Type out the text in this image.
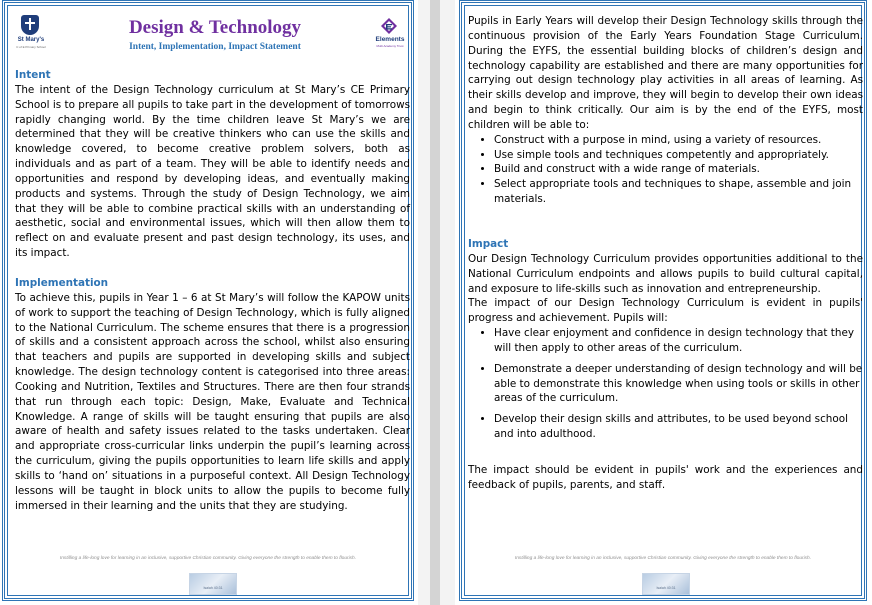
St Mary's
C of E Primary School
Design & Technology
Intent, Implementation, Impact Statement
Elements
Multi Academy Trust

Intent

The intent of the Design Technology curriculum at St Mary’s CE Primary School is to prepare all pupils to take part in the development of tomorrows rapidly changing world. By the time children leave St Mary’s we are determined that they will be creative thinkers who can use the skills and knowledge covered, to become creative problem solvers, both as individuals and as part of a team. They will be able to identify needs and opportunities and respond by developing ideas, and eventually making products and systems. Through the study of Design Technology, we aim that they will be able to combine practical skills with an understanding of aesthetic, social and environmental issues, which will then allow them to reflect on and evaluate present and past design technology, its uses, and its impact.

Implementation

To achieve this, pupils in Year 1 – 6 at St Mary’s will follow the KAPOW units of work to support the teaching of Design Technology, which is fully aligned to the National Curriculum. The scheme ensures that there is a progression of skills and a consistent approach across the school, whilst also ensuring that teachers and pupils are supported in developing skills and subject knowledge. The design technology content is categorised into three areas: Cooking and Nutrition, Textiles and Structures. There are then four strands that run through each topic: Design, Make, Evaluate and Technical Knowledge. A range of skills will be taught ensuring that pupils are also aware of health and safety issues related to the tasks undertaken. Clear and appropriate cross-curricular links underpin the pupil’s learning across the curriculum, giving the pupils opportunities to learn life skills and apply skills to ‘hand on’ situations in a purposeful context. All Design Technology lessons will be taught in block units to allow the pupils to become fully immersed in their learning and the units that they are studying.

Instilling a life-long love for learning in an inclusive, supportive Christian community. Giving everyone the strength to enable them to flourish.
Isaiah 40:31

Pupils in Early Years will develop their Design Technology skills through the continuous provision of the Early Years Foundation Stage Curriculum. During the EYFS, the essential building blocks of children’s design and technology capability are established and there are many opportunities for carrying out design technology play activities in all areas of learning. As their skills develop and improve, they will begin to develop their own ideas and begin to think critically. Our aim is by the end of the EYFS, most children will be able to:

• Construct with a purpose in mind, using a variety of resources.
• Use simple tools and techniques competently and appropriately.
• Build and construct with a wide range of materials.
• Select appropriate tools and techniques to shape, assemble and join materials.

Impact

Our Design Technology Curriculum provides opportunities additional to the National Curriculum endpoints and allows pupils to build cultural capital, and exposure to life-skills such as innovation and entrepreneurship.

The impact of our Design Technology Curriculum is evident in pupils' progress and achievement. Pupils will:

• Have clear enjoyment and confidence in design technology that they will then apply to other areas of the curriculum.
• Demonstrate a deeper understanding of design technology and will be able to demonstrate this knowledge when using tools or skills in other areas of the curriculum.
• Develop their design skills and attributes, to be used beyond school and into adulthood.

The impact should be evident in pupils' work and the experiences and feedback of pupils, parents, and staff.

Instilling a life-long love for learning in an inclusive, supportive Christian community. Giving everyone the strength to enable them to flourish.
Isaiah 40:31
